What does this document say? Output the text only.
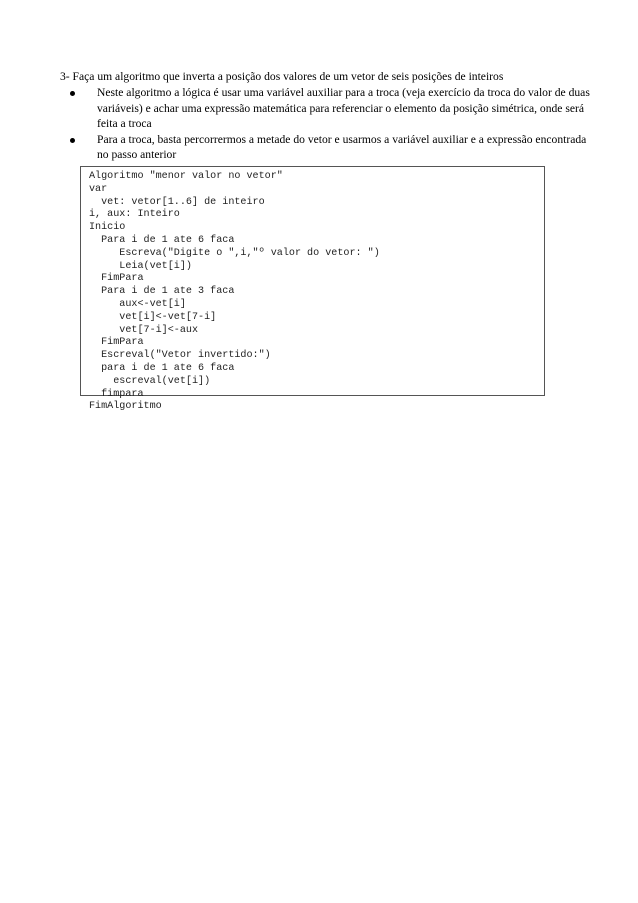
3- Faça um algoritmo que inverta a posição dos valores de um vetor de seis posições de inteiros
Neste algoritmo a lógica é usar uma variável auxiliar para a troca (veja exercício da troca do valor de duas variáveis) e achar uma expressão matemática para referenciar o elemento da posição simétrica, onde será feita a troca
Para a troca, basta percorrermos a metade do vetor e usarmos a variável auxiliar e a expressão encontrada no passo anterior
Algoritmo "menor valor no vetor"
var
vet: vetor[1..6] de inteiro
i, aux: Inteiro
Inicio
Para i de 1 ate 6 faca
Escreva("Digite o ",i,"º valor do vetor: ")
Leia(vet[i])
FimPara
Para i de 1 ate 3 faca
aux<-vet[i]
vet[i]<-vet[7-i]
vet[7-i]<-aux
FimPara
Escreval("Vetor invertido:")
para i de 1 ate 6 faca
escreval(vet[i])
fimpara
FimAlgoritmo
